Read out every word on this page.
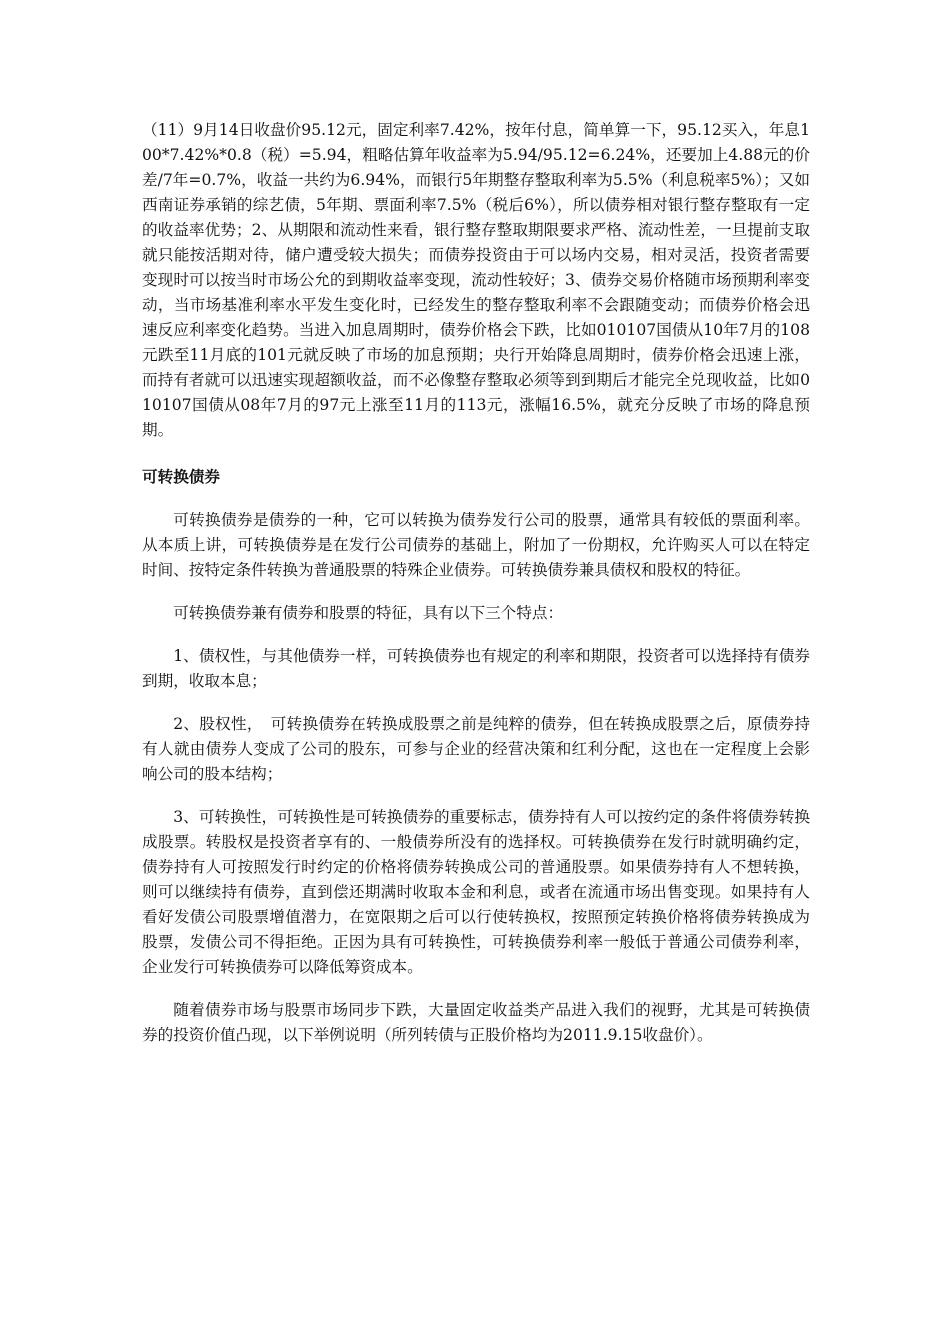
（11）9月14日收盘价95.12元，固定利率7.42%，按年付息，简单算一下，95.12买入，年息100*7.42%*0.8（税）=5.94，粗略估算年收益率为5.94/95.12=6.24%，还要加上4.88元的价差/7年=0.7%，收益一共约为6.94%，而银行5年期整存整取利率为5.5%（利息税率5%）；又如西南证券承销的综艺债，5年期、票面利率7.5%（税后6%），所以债券相对银行整存整取有一定的收益率优势；2、从期限和流动性来看，银行整存整取期限要求严格、流动性差，一旦提前支取就只能按活期对待，储户遭受较大损失；而债券投资由于可以场内交易，相对灵活，投资者需要变现时可以按当时市场公允的到期收益率变现，流动性较好；3、债券交易价格随市场预期利率变动，当市场基准利率水平发生变化时，已经发生的整存整取利率不会跟随变动；而债券价格会迅速反应利率变化趋势。当进入加息周期时，债券价格会下跌，比如010107国债从10年7月的108元跌至11月底的101元就反映了市场的加息预期；央行开始降息周期时，债券价格会迅速上涨，而持有者就可以迅速实现超额收益，而不必像整存整取必须等到到期后才能完全兑现收益，比如010107国债从08年7月的97元上涨至11月的113元，涨幅16.5%，就充分反映了市场的降息预期。

可转换债券

可转换债券是债券的一种，它可以转换为债券发行公司的股票，通常具有较低的票面利率。从本质上讲，可转换债券是在发行公司债券的基础上，附加了一份期权，允许购买人可以在特定时间、按特定条件转换为普通股票的特殊企业债券。可转换债券兼具债权和股权的特征。

可转换债券兼有债券和股票的特征，具有以下三个特点：

1、债权性，与其他债券一样，可转换债券也有规定的利率和期限，投资者可以选择持有债券到期，收取本息；

2、股权性，　可转换债券在转换成股票之前是纯粹的债券，但在转换成股票之后，原债券持有人就由债券人变成了公司的股东，可参与企业的经营决策和红利分配，这也在一定程度上会影响公司的股本结构；

3、可转换性，可转换性是可转换债券的重要标志，债券持有人可以按约定的条件将债券转换成股票。转股权是投资者享有的、一般债券所没有的选择权。可转换债券在发行时就明确约定，债券持有人可按照发行时约定的价格将债券转换成公司的普通股票。如果债券持有人不想转换，则可以继续持有债券，直到偿还期满时收取本金和利息，或者在流通市场出售变现。如果持有人看好发债公司股票增值潜力，在宽限期之后可以行使转换权，按照预定转换价格将债券转换成为股票，发债公司不得拒绝。正因为具有可转换性，可转换债券利率一般低于普通公司债券利率，企业发行可转换债券可以降低筹资成本。

随着债券市场与股票市场同步下跌，大量固定收益类产品进入我们的视野，尤其是可转换债券的投资价值凸现，以下举例说明（所列转债与正股价格均为2011.9.15收盘价）。
